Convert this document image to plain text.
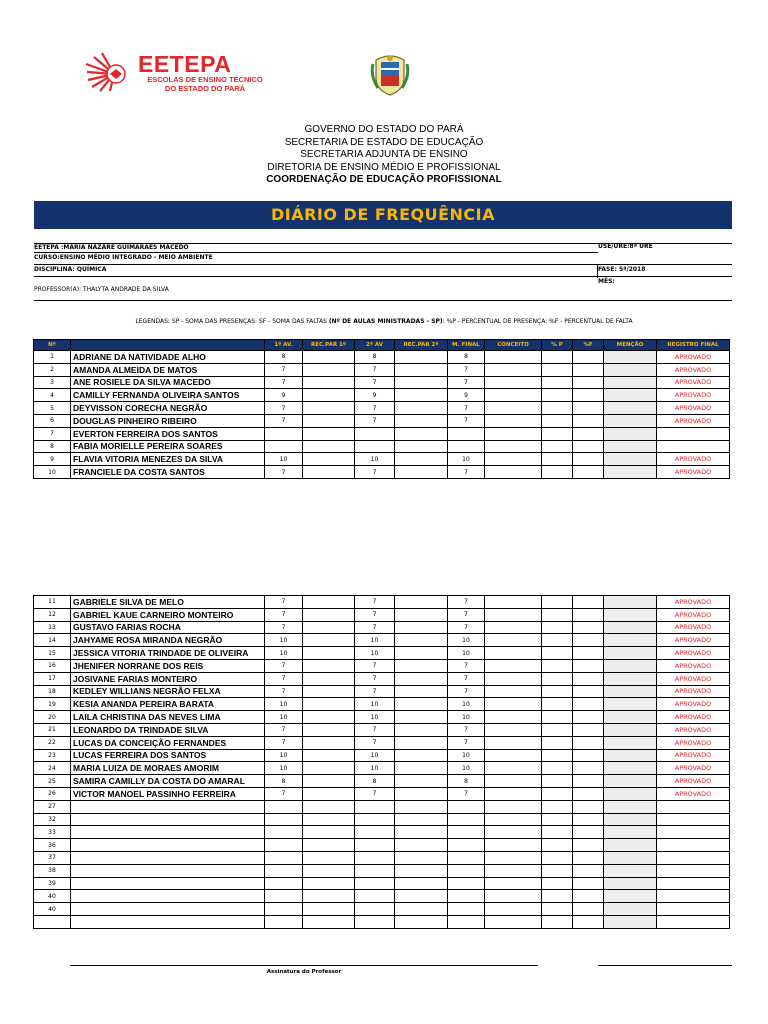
EETEPA
ESCOLAS DE ENSINO TÉCNICO
DO ESTADO DO PARÁ
GOVERNO DO ESTADO DO PARÁ
SECRETARIA DE ESTADO DE EDUCAÇÃO
SECRETARIA ADJUNTA DE ENSINO
DIRETORIA DE ENSINO MÉDIO E PROFISSIONAL
COORDENAÇÃO DE EDUCAÇÃO PROFISSIONAL
DIÁRIO DE FREQUÊNCIA
EETEPA :MARIA NAZARÉ GUIMARÃES MACEDO	USE/URE:8ª URE
CURSO:ENSINO MÉDIO INTEGRADO - MEIO AMBIENTE
DISCIPLINA: QUÍMICA	FASE: 5ª/2018
MÊS:
PROFESSOR(A): THALYTA ANDRADE DA SILVA
LEGENDAS: SP - SOMA DAS PRESENÇAS: SF - SOMA DAS FALTAS (Nº DE AULAS MINISTRADAS - SP): %P - PERCENTUAL DE PRESENÇA: %F - PERCENTUAL DE FALTA
Nº		1º AV.	REC.PAR 1º	2º AV	REC.PAR 2º	M. FINAL	CONCEITO	% P	%F	MENÇÃO	REGISTRO FINAL
1	ADRIANE DA NATIVIDADE ALHO	8		8		8					APROVADO
2	AMANDA ALMEIDA DE MATOS	7		7		7					APROVADO
3	ANE ROSIELE DA SILVA MACEDO	7		7		7					APROVADO
4	CAMILLY FERNANDA OLIVEIRA SANTOS	9		9		9					APROVADO
5	DEYVISSON CORECHA NEGRÃO	7		7		7					APROVADO
6	DOUGLAS PINHEIRO RIBEIRO	7		7		7					APROVADO
7	EVERTON FERREIRA DOS SANTOS										
8	FABIA MORIELLE PEREIRA SOARES										
9	FLAVIA VITORIA MENEZES DA SILVA	10		10		10					APROVADO
10	FRANCIELE DA COSTA SANTOS	7		7		7					APROVADO
11	GABRIELE SILVA DE MELO	7		7		7					APROVADO
12	GABRIEL KAUE CARNEIRO MONTEIRO	7		7		7					APROVADO
13	GUSTAVO FARIAS ROCHA	7		7		7					APROVADO
14	JAHYAME ROSA MIRANDA NEGRÃO	10		10		10					APROVADO
15	JESSICA VITORIA TRINDADE DE OLIVEIRA	10		10		10					APROVADO
16	JHENIFER NORRANE DOS REIS	7		7		7					APROVADO
17	JOSIVANE FARIAS MONTEIRO	7		7		7					APROVADO
18	KEDLEY WILLIANS NEGRÃO FELXA	7		7		7					APROVADO
19	KESIA ANANDA PEREIRA BARATA	10		10		10					APROVADO
20	LAILA CHRISTINA DAS NEVES LIMA	10		10		10					APROVADO
21	LEONARDO DA TRINDADE SILVA	7		7		7					APROVADO
22	LUCAS DA CONCEIÇÃO FERNANDES	7		7		7					APROVADO
23	LUCAS FERREIRA DOS SANTOS	10		10		10					APROVADO
24	MARIA LUIZA DE MORAES AMORIM	10		10		10					APROVADO
25	SAMIRA CAMILLY DA COSTA DO AMARAL	8		8		8					APROVADO
26	VICTOR MANOEL PASSINHO FERREIRA	7		7		7					APROVADO
27											
32											
33											
36											
37											
38											
39											
40											
40											

Assinatura do Professor
